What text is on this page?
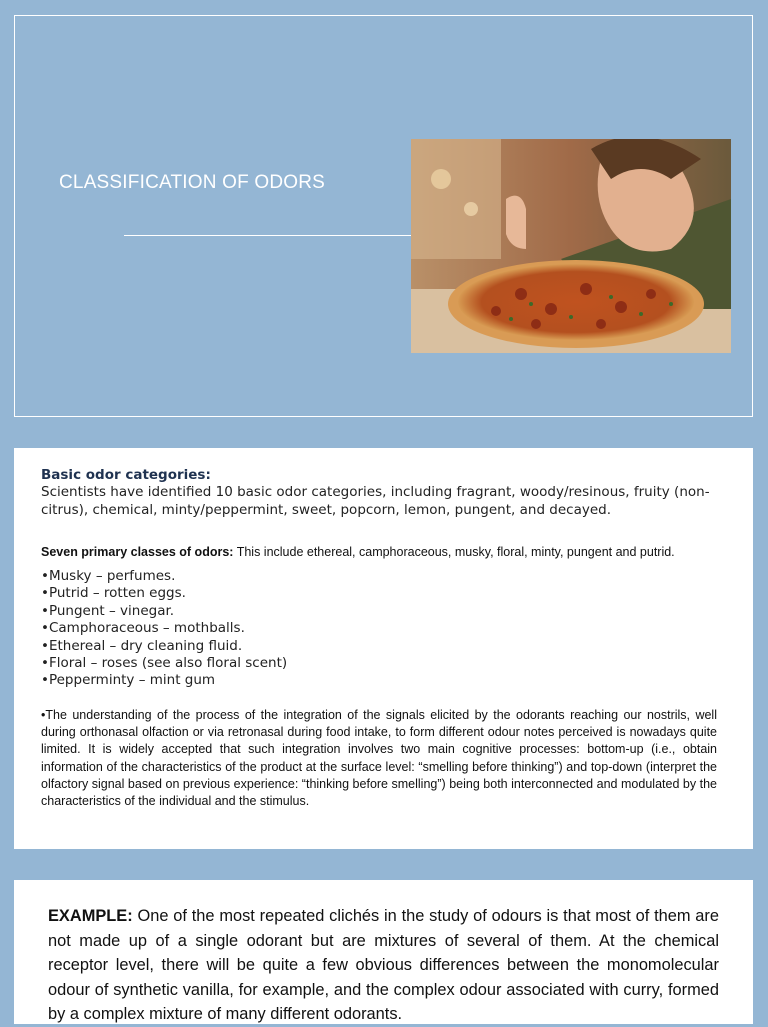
CLASSIFICATION OF ODORS
Basic odor categories:
Scientists have identified 10 basic odor categories, including fragrant, woody/resinous, fruity (non-citrus), chemical, minty/peppermint, sweet, popcorn, lemon, pungent, and decayed.
Seven primary classes of odors: This include ethereal, camphoraceous, musky, floral, minty, pungent and putrid.
•Musky – perfumes.
•Putrid – rotten eggs.
•Pungent – vinegar.
•Camphoraceous – mothballs.
•Ethereal – dry cleaning fluid.
•Floral – roses (see also floral scent)
•Pepperminty – mint gum
•The understanding of the process of the integration of the signals elicited by the odorants reaching our nostrils, well during orthonasal olfaction or via retronasal during food intake, to form different odour notes perceived is nowadays quite limited. It is widely accepted that such integration involves two main cognitive processes: bottom-up (i.e., obtain information of the characteristics of the product at the surface level: “smelling before thinking”) and top-down (interpret the olfactory signal based on previous experience: “thinking before smelling”) being both interconnected and modulated by the characteristics of the individual and the stimulus.
EXAMPLE: One of the most repeated clichés in the study of odours is that most of them are not made up of a single odorant but are mixtures of several of them. At the chemical receptor level, there will be quite a few obvious differences between the monomolecular odour of synthetic vanilla, for example, and the complex odour associated with curry, formed by a complex mixture of many different odorants.
